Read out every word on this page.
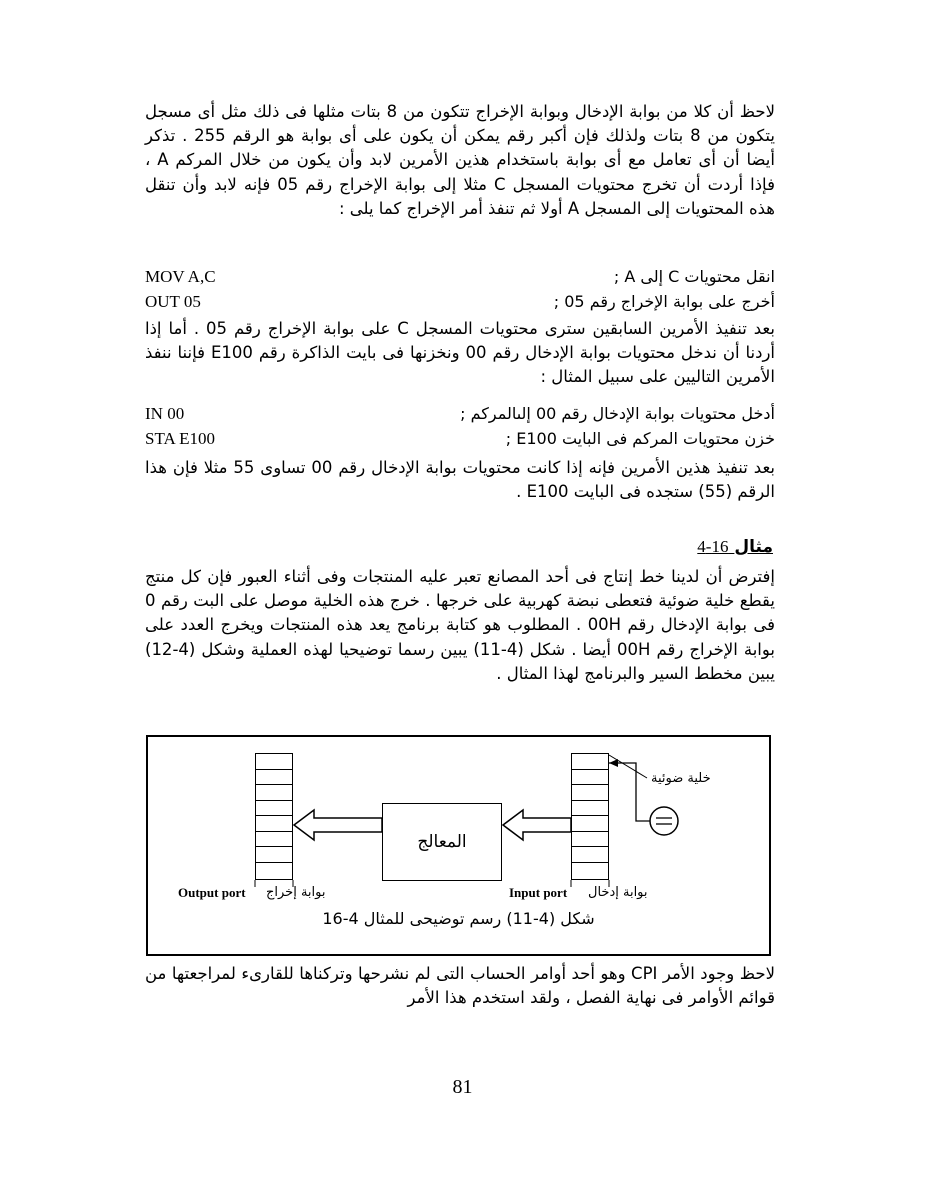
لاحظ أن كلا من بوابة الإدخال وبوابة الإخراج تتكون من 8 بتات مثلها فى ذلك مثل أى مسجل يتكون من 8 بتات ولذلك فإن أكبر رقم يمكن أن يكون على أى بوابة هو الرقم 255 . تذكر أيضا أن أى تعامل مع أى بوابة باستخدام هذين الأمرين لابد وأن يكون من خلال المركم A ، فإذا أردت أن تخرج محتويات المسجل C مثلا إلى بوابة الإخراج رقم 05 فإنه لابد وأن تنقل هذه المحتويات إلى المسجل A أولا ثم تنفذ أمر الإخراج كما يلى :
MOV A,C	انقل محتويات C إلى A ;
OUT 05	أخرج على بوابة الإخراج رقم 05 ;
بعد تنفيذ الأمرين السابقين سترى محتويات المسجل C على بوابة الإخراج رقم 05 . أما إذا أردنا أن ندخل محتويات بوابة الإدخال رقم 00 ونخزنها فى بايت الذاكرة رقم E100 فإننا ننفذ الأمرين التاليين على سبيل المثال :
IN 00	أدخل محتويات بوابة الإدخال رقم 00 إلىالمركم ;
STA E100	خزن محتويات المركم فى البايت E100 ;
بعد تنفيذ هذين الأمرين فإنه إذا كانت محتويات بوابة الإدخال رقم 00 تساوى 55 مثلا فإن هذا الرقم (55) ستجده فى البايت E100 .
مثال 16-4
إفترض أن لدينا خط إنتاج فى أحد المصانع تعبر عليه المنتجات وفى أثناء العبور فإن كل منتج يقطع خلية ضوئية فتعطى نبضة كهربية على خرجها . خرج هذه الخلية موصل على البت رقم 0 فى بوابة الإدخال رقم 00H . المطلوب هو كتابة برنامج يعد هذه المنتجات ويخرج العدد على بوابة الإخراج رقم 00H أيضا . شكل (4-11) يبين رسما توضيحيا لهذه العملية وشكل (4-12) يبين مخطط السير والبرنامج لهذا المثال .
المعالج
خلية ضوئية
Output port بوابة إخراج	Input port بوابة إدخال
شكل (4-11) رسم توضيحى للمثال 4-16
لاحظ وجود الأمر CPI وهو أحد أوامر الحساب التى لم نشرحها وتركناها للقارىء لمراجعتها من قوائم الأوامر فى نهاية الفصل ، ولقد استخدم هذا الأمر
81
